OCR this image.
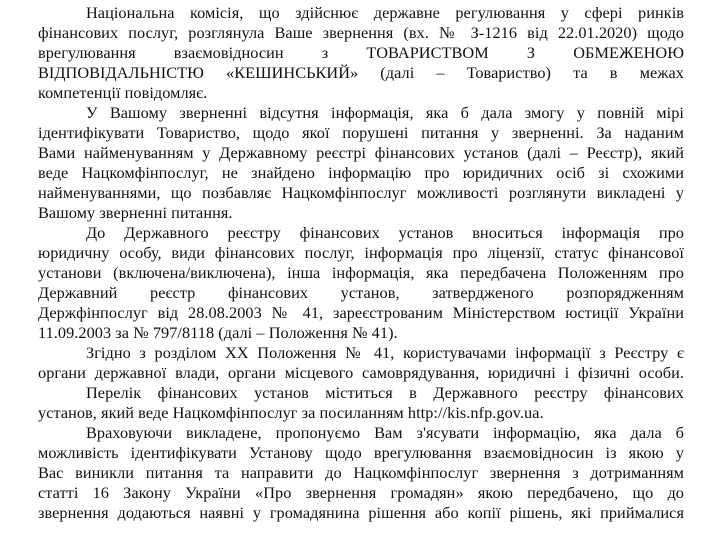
Національна комісія, що здійснює державне регулювання у сфері ринків
фінансових послуг, розглянула Ваше звернення (вх. № З-1216 від 22.01.2020) щодо
врегулювання взаємовідносин з ТОВАРИСТВОМ З ОБМЕЖЕНОЮ
ВІДПОВІДАЛЬНІСТЮ «КЕШИНСЬКИЙ» (далі – Товариство) та в межах
компетенції повідомляє.
У Вашому зверненні відсутня інформація, яка б дала змогу у повній мірі
ідентифікувати Товариство, щодо якої порушені питання у зверненні. За наданим
Вами найменуванням у Державному реєстрі фінансових установ (далі – Реєстр), який
веде Нацкомфінпослуг, не знайдено інформацію про юридичних осіб зі схожими
найменуваннями, що позбавляє Нацкомфінпослуг можливості розглянути викладені у
Вашому зверненні питання.
До Державного реєстру фінансових установ вноситься інформація про
юридичну особу, види фінансових послуг, інформація про ліцензії, статус фінансової
установи (включена/виключена), інша інформація, яка передбачена Положенням про
Державний реєстр фінансових установ, затвердженого розпорядженням
Держфінпослуг від 28.08.2003 № 41, зареєстрованим Міністерством юстиції України
11.09.2003 за № 797/8118 (далі – Положення № 41).
Згідно з розділом XX Положення № 41, користувачами інформації з Реєстру є
органи державної влади, органи місцевого самоврядування, юридичні і фізичні особи.
Перелік фінансових установ міститься в Державного реєстру фінансових
установ, який веде Нацкомфінпослуг за посиланням http://kis.nfp.gov.ua.
Враховуючи викладене, пропонуємо Вам з'ясувати інформацію, яка дала б
можливість ідентифікувати Установу щодо врегулювання взаємовідносин із якою у
Вас виникли питання та направити до Нацкомфінпослуг звернення з дотриманням
статті 16 Закону України «Про звернення громадян» якою передбачено, що до
звернення додаються наявні у громадянина рішення або копії рішень, які приймалися
